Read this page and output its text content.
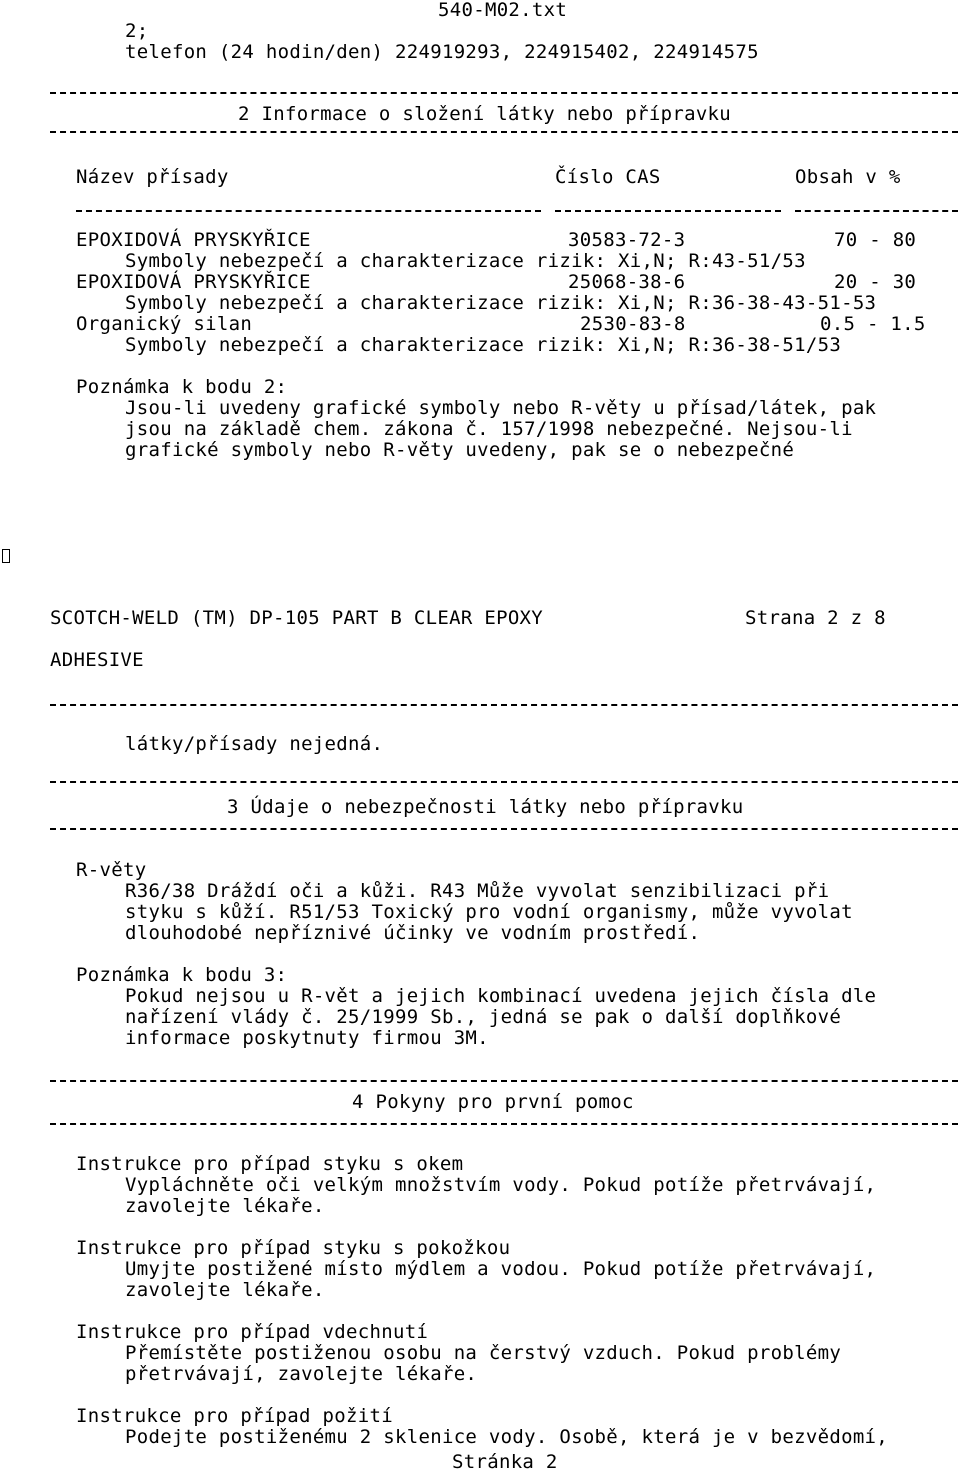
540-M02.txt
2;
telefon (24 hodin/den) 224919293, 224915402, 224914575
2 Informace o složení látky nebo přípravku
Název přísady	Číslo CAS	Obsah v %
EPOXIDOVÁ PRYSKYŘICE	30583-72-3	70 - 80
Symboly nebezpečí a charakterizace rizik: Xi,N; R:43-51/53
EPOXIDOVÁ PRYSKYŘICE	25068-38-6	20 - 30
Symboly nebezpečí a charakterizace rizik: Xi,N; R:36-38-43-51-53
Organický silan	2530-83-8	0.5 - 1.5
Symboly nebezpečí a charakterizace rizik: Xi,N; R:36-38-51/53
Poznámka k bodu 2:
Jsou-li uvedeny grafické symboly nebo R-věty u přísad/látek, pak
jsou na základě chem. zákona č. 157/1998 nebezpečné. Nejsou-li
grafické symboly nebo R-věty uvedeny, pak se o nebezpečné
SCOTCH-WELD (TM) DP-105 PART B CLEAR EPOXY	Strana 2 z 8
ADHESIVE
látky/přísady nejedná.
3 Údaje o nebezpečnosti látky nebo přípravku
R-věty
R36/38 Dráždí oči a kůži. R43 Může vyvolat senzibilizaci při
styku s kůží. R51/53 Toxický pro vodní organismy, může vyvolat
dlouhodobé nepříznivé účinky ve vodním prostředí.
Poznámka k bodu 3:
Pokud nejsou u R-vět a jejich kombinací uvedena jejich čísla dle
nařízení vlády č. 25/1999 Sb., jedná se pak o další doplňkové
informace poskytnuty firmou 3M.
4 Pokyny pro první pomoc
Instrukce pro případ styku s okem
Vypláchněte oči velkým množstvím vody. Pokud potíže přetrvávají,
zavolejte lékaře.
Instrukce pro případ styku s pokožkou
Umyjte postižené místo mýdlem a vodou. Pokud potíže přetrvávají,
zavolejte lékaře.
Instrukce pro případ vdechnutí
Přemístěte postiženou osobu na čerstvý vzduch. Pokud problémy
přetrvávají, zavolejte lékaře.
Instrukce pro případ požití
Podejte postiženému 2 sklenice vody. Osobě, která je v bezvědomí,
Stránka 2
